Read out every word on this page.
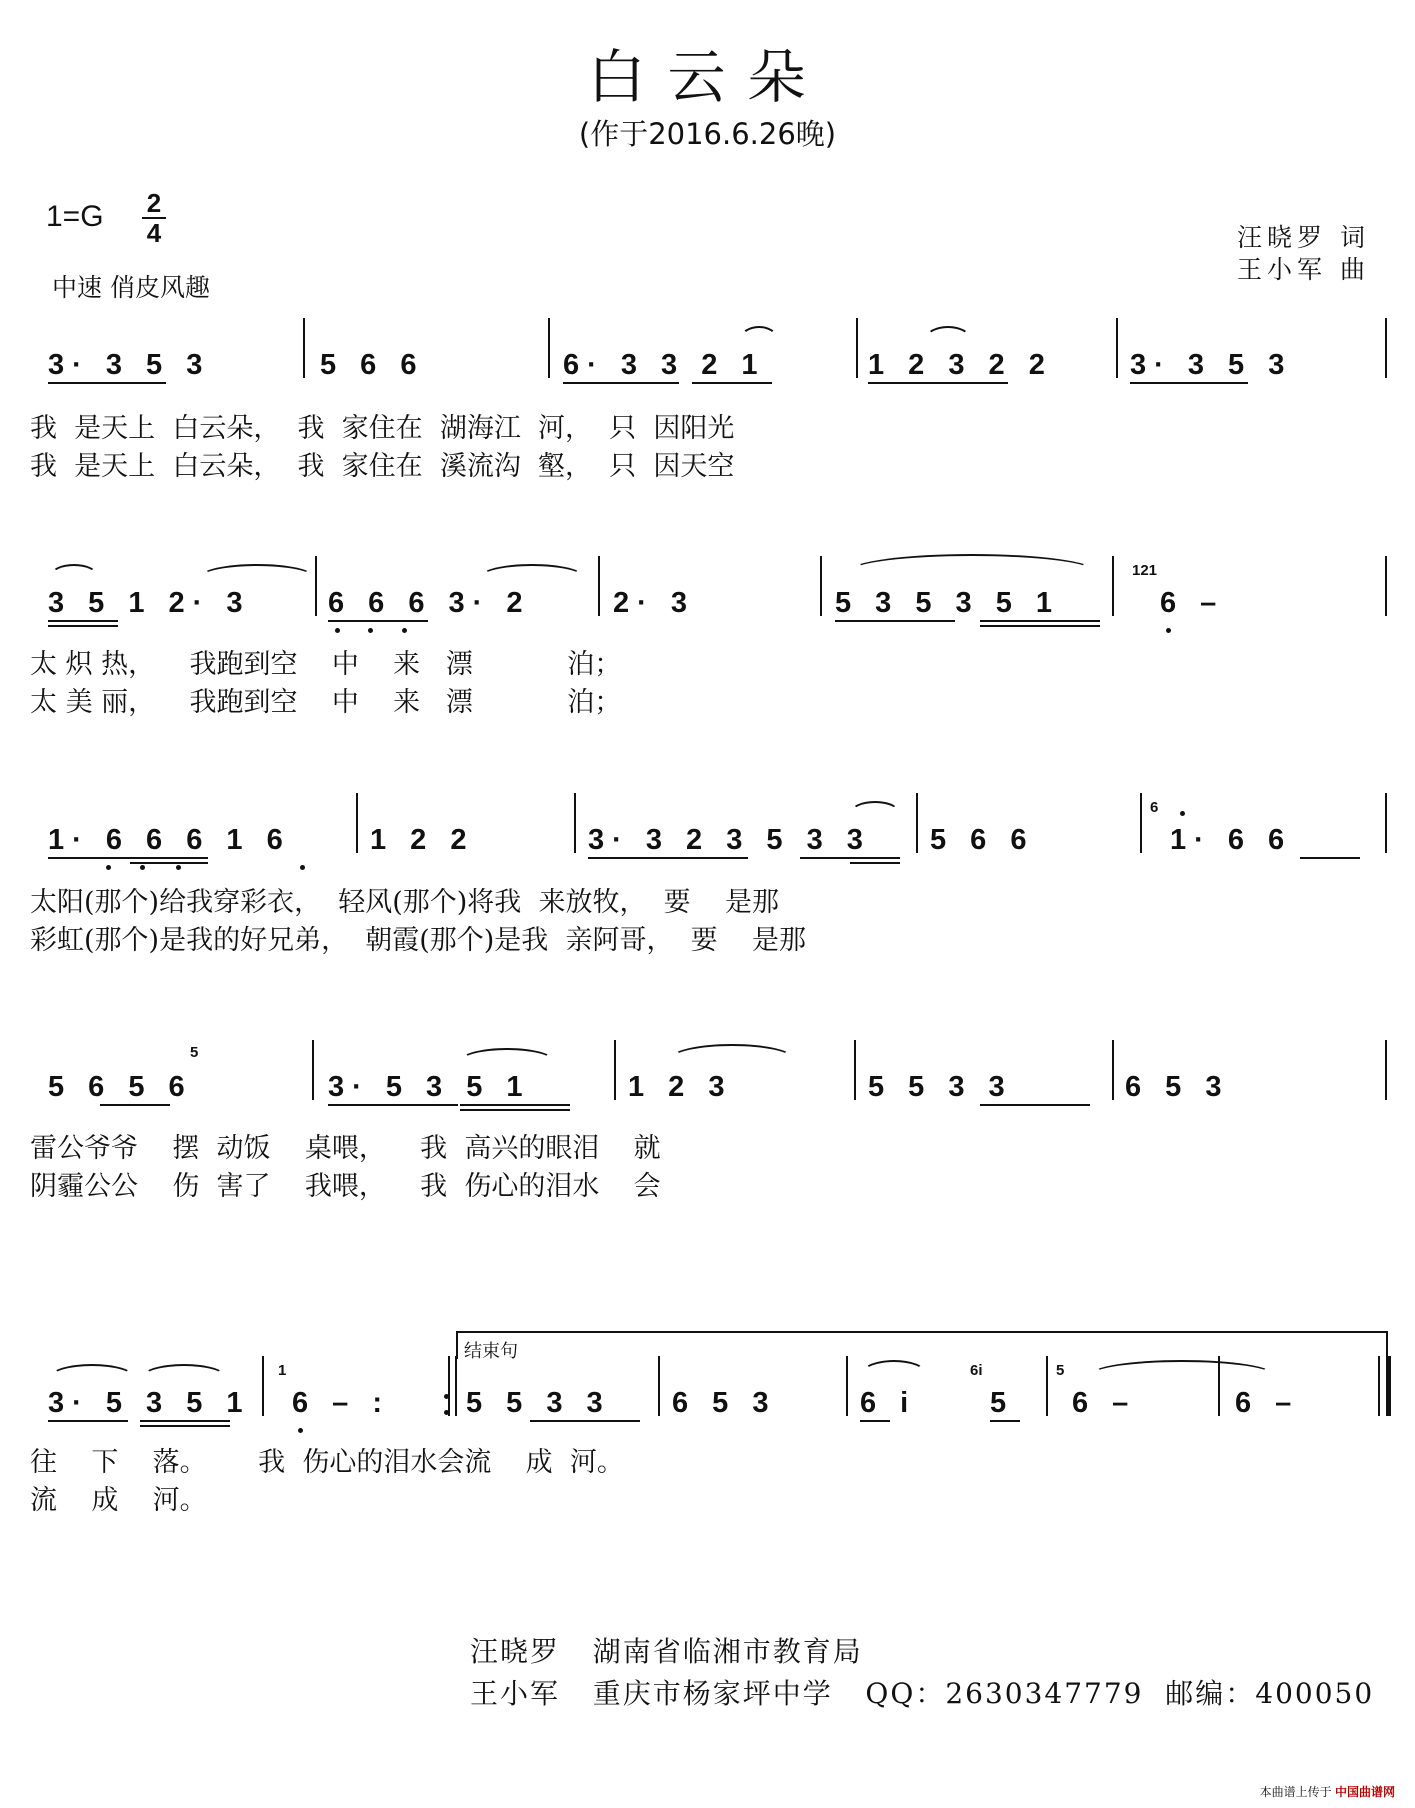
白云朵
(作于2016.6.26晚)
1=G 2
4
中速 俏皮风趣
汪晓罗 词
王小军 曲
3· 3 5 3	5 6 6	6· 3 3 2 1	1 2 3 2 2	3· 3 5 3
我  是天上  白云朵，  我  家住在  湖海江  河，  只  因阳光
我  是天上  白云朵，  我  家住在  溪流沟  壑，  只  因天空
3 5 1 2· 3	6 6 6 3· 2	2· 3	5 3 5 3 5 1
121
6 –
太 炽 热，    我跑到空    中    来   漂           泊；
太 美 丽，    我跑到空    中    来   漂           泊；
1· 6 6 6 1 6	1 2 2	3· 3 2 3 5 3 3 5 6 6
6
1· 6 6
太阳(那个)给我穿彩衣，  轻风(那个)将我  来放牧，  要    是那
彩虹(那个)是我的好兄弟，  朝霞(那个)是我  亲阿哥，  要    是那
5 6 5 6
5
3· 5 3 5 1	1 2 3	5 5 3 3	6 5 3
雷公爷爷    摆  动饭    桌喂，    我  高兴的眼泪    就
阴霾公公    伤  害了    我喂，    我  伤心的泪水    会
结束句
3· 5 3 5 1
1
6 – :	5 5 3 3 6 5 3	6 i
6i
5
5
6 –	6 –
往    下    落。      我  伤心的泪水会流    成  河。
流    成    河。
汪晓罗   湖南省临湘市教育局
王小军   重庆市杨家坪中学   QQ：2630347779  邮编：400050
本曲谱上传于 中国曲谱网
